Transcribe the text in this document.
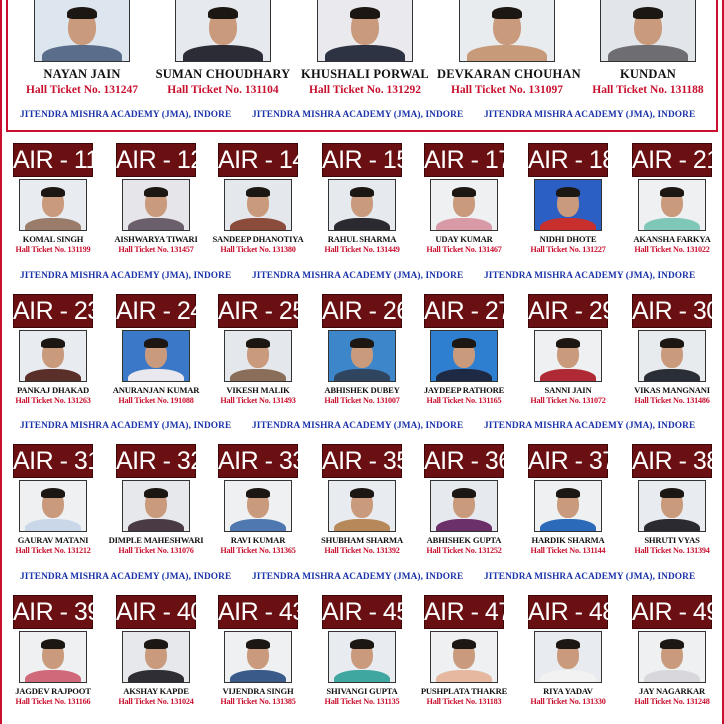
NAYAN JAIN
Hall Ticket No. 131247
SUMAN CHOUDHARY
Hall Ticket No. 131104
KHUSHALI PORWAL
Hall Ticket No. 131292
DEVKARAN CHOUHAN
Hall Ticket No. 131097
KUNDAN
Hall Ticket No. 131188
JITENDRA MISHRA ACADEMY (JMA), INDORE JITENDRA MISHRA ACADEMY (JMA), INDORE JITENDRA MISHRA ACADEMY (JMA), INDORE
JITENDRA MISHRA ACADEMY (JMA), INDORE JITENDRA MISHRA ACADEMY (JMA), INDORE JITENDRA MISHRA ACADEMY (JMA), INDORE
JITENDRA MISHRA ACADEMY (JMA), INDORE JITENDRA MISHRA ACADEMY (JMA), INDORE JITENDRA MISHRA ACADEMY (JMA), INDORE
JITENDRA MISHRA ACADEMY (JMA), INDORE JITENDRA MISHRA ACADEMY (JMA), INDORE JITENDRA MISHRA ACADEMY (JMA), INDORE
AIR - 11
KOMAL SINGH
Hall Ticket No. 131199
AIR - 12
AISHWARYA TIWARI
Hall Ticket No. 131457
AIR - 14
SANDEEP DHANOTIYA
Hall Ticket No. 131380
AIR - 15
RAHUL SHARMA
Hall Ticket No. 131449
AIR - 17
UDAY KUMAR
Hall Ticket No. 131467
AIR - 18
NIDHI DHOTE
Hall Ticket No. 131227
AIR - 21
AKANSHA FARKYA
Hall Ticket No. 131022
AIR - 23
PANKAJ DHAKAD
Hall Ticket No. 131263
AIR - 24
ANURANJAN KUMAR
Hall Ticket No. 191088
AIR - 25
VIKESH MALIK
Hall Ticket No. 131493
AIR - 26
ABHISHEK DUBEY
Hall Ticket No. 131007
AIR - 27
JAYDEEP RATHORE
Hall Ticket No. 131165
AIR - 29
SANNI JAIN
Hall Ticket No. 131072
AIR - 30
VIKAS MANGNANI
Hall Ticket No. 131486
AIR - 31
GAURAV MATANI
Hall Ticket No. 131212
AIR - 32
DIMPLE MAHESHWARI
Hall Ticket No. 131076
AIR - 33
RAVI KUMAR
Hall Ticket No. 131365
AIR - 35
SHUBHAM SHARMA
Hall Ticket No. 131392
AIR - 36
ABHISHEK GUPTA
Hall Ticket No. 131252
AIR - 37
HARDIK SHARMA
Hall Ticket No. 131144
AIR - 38
SHRUTI VYAS
Hall Ticket No. 131394
AIR - 39
JAGDEV RAJPOOT
Hall Ticket No. 131166
AIR - 40
AKSHAY KAPDE
Hall Ticket No. 131024
AIR - 43
VIJENDRA SINGH
Hall Ticket No. 131385
AIR - 45
SHIVANGI GUPTA
Hall Ticket No. 131135
AIR - 47
PUSHPLATA THAKRE
Hall Ticket No. 131183
AIR - 48
RIYA YADAV
Hall Ticket No. 131330
AIR - 49
JAY NAGARKAR
Hall Ticket No. 131248
